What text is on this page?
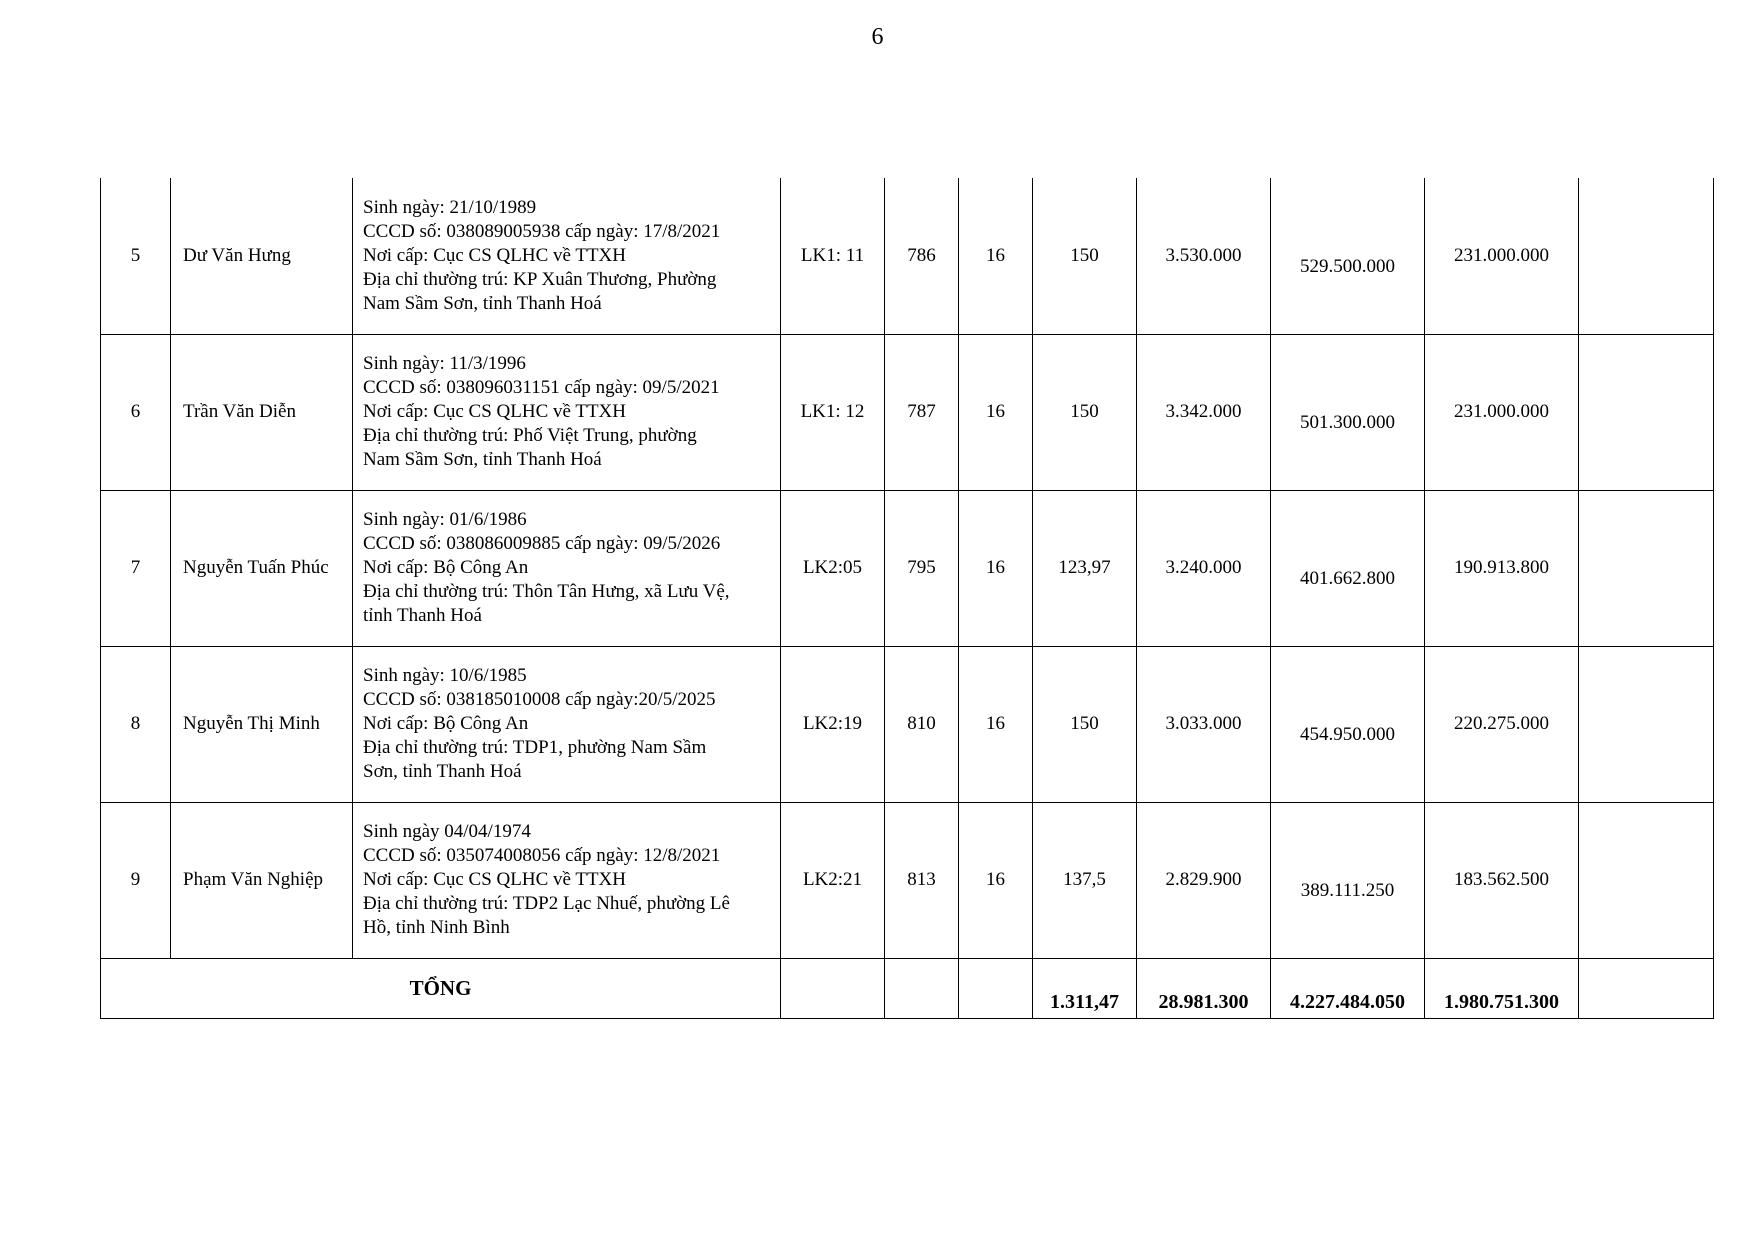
6
5	Dư Văn Hưng	Sinh ngày: 21/10/1989
CCCD số: 038089005938 cấp ngày: 17/8/2021
Nơi cấp: Cục CS QLHC về TTXH
Địa chỉ thường trú: KP Xuân Thương, Phường
Nam Sầm Sơn, tỉnh Thanh Hoá	LK1: 11	786	16	150	3.530.000	529.500.000	231.000.000	
6	Trần Văn Diễn	Sinh ngày: 11/3/1996
CCCD số: 038096031151 cấp ngày: 09/5/2021
Nơi cấp: Cục CS QLHC về TTXH
Địa chỉ thường trú: Phố Việt Trung, phường
Nam Sầm Sơn, tỉnh Thanh Hoá	LK1: 12	787	16	150	3.342.000	501.300.000	231.000.000	
7	Nguyễn Tuấn Phúc	Sinh ngày: 01/6/1986
CCCD số: 038086009885 cấp ngày: 09/5/2026
Nơi cấp: Bộ Công An
Địa chỉ thường trú: Thôn Tân Hưng, xã Lưu Vệ,
tỉnh Thanh Hoá	LK2:05	795	16	123,97	3.240.000	401.662.800	190.913.800	
8	Nguyễn Thị Minh	Sinh ngày: 10/6/1985
CCCD số: 038185010008 cấp ngày:20/5/2025
Nơi cấp: Bộ Công An
Địa chỉ thường trú: TDP1, phường Nam Sầm
Sơn, tỉnh Thanh Hoá	LK2:19	810	16	150	3.033.000	454.950.000	220.275.000	
9	Phạm Văn Nghiệp	Sinh ngày 04/04/1974
CCCD số: 035074008056 cấp ngày: 12/8/2021
Nơi cấp: Cục CS QLHC về TTXH
Địa chỉ thường trú: TDP2 Lạc Nhuế, phường Lê
Hồ, tỉnh Ninh Bình	LK2:21	813	16	137,5	2.829.900	389.111.250	183.562.500	
TỔNG						1.311,47	28.981.300	4.227.484.050	1.980.751.300	
